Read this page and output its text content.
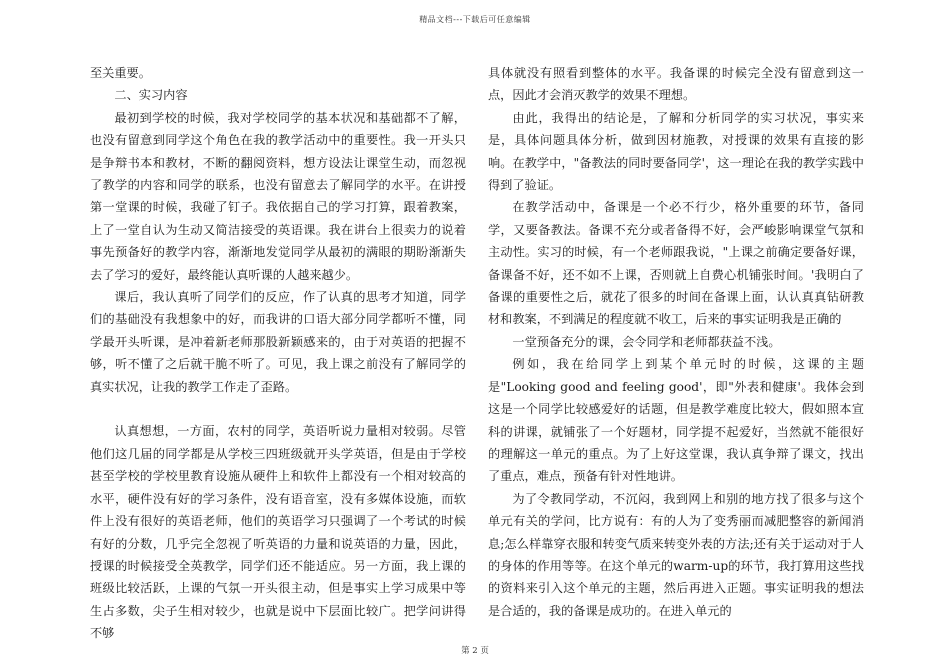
精品文档---下载后可任意编辑

至关重要。

二、实习内容

最初到学校的时候，我对学校同学的基本状况和基础都不了解，也没有留意到同学这个角色在我的教学活动中的重要性。我一开头只是争辩书本和教材，不断的翻阅资料，想方设法让课堂生动，而忽视了教学的内容和同学的联系，也没有留意去了解同学的水平。在讲授第一堂课的时候，我碰了钉子。我依据自己的学习打算，跟着教案，上了一堂自认为生动又简洁接受的英语课。我在讲台上很卖力的说着事先预备好的教学内容，渐渐地发觉同学从最初的满眼的期盼渐渐失去了学习的爱好，最终能认真听课的人越来越少。

课后，我认真听了同学们的反应，作了认真的思考才知道，同学们的基础没有我想象中的好，而我讲的口语大部分同学都听不懂，同学最开头听课，是冲着新老师那股新颖感来的，由于对英语的把握不够，听不懂了之后就干脆不听了。可见，我上课之前没有了解同学的真实状况，让我的教学工作走了歪路。

认真想想，一方面，农村的同学，英语听说力量相对较弱。尽管他们这几届的同学都是从学校三四班级就开头学英语，但是由于学校甚至学校的学校里教育设施从硬件上和软件上都没有一个相对较高的水平，硬件没有好的学习条件，没有语音室，没有多媒体设施，而软件上没有很好的英语老师，他们的英语学习只强调了一个考试的时候有好的分数，几乎完全忽视了听英语的力量和说英语的力量，因此，授课的时候接受全英教学，同学们还不能适应。另一方面，我上课的班级比较活跃，上课的气氛一开头很主动，但是事实上学习成果中等生占多数，尖子生相对较少，也就是说中下层面比较广。把学问讲得不够

具体就没有照看到整体的水平。我备课的时候完全没有留意到这一点，因此才会消灭教学的效果不理想。

由此，我得出的结论是，了解和分析同学的实习状况，事实来是，具体问题具体分析，做到因材施教，对授课的效果有直接的影响。在教学中，"备教法的同时要备同学'，这一理论在我的教学实践中得到了验证。

在教学活动中，备课是一个必不行少，格外重要的环节，备同学，又要备教法。备课不充分或者备得不好，会严峻影响课堂气氛和主动性。实习的时候，有一个老师跟我说，"上课之前确定要备好课，备课备不好，还不如不上课，否则就上自费心机铺张时间。'我明白了备课的重要性之后，就花了很多的时间在备课上面，认认真真钻研教材和教案，不到满足的程度就不收工，后来的事实证明我是正确的

一堂预备充分的课，会令同学和老师都获益不浅。

例如，我在给同学上到某个单元时的时候，这课的主题是"Looking good and feeling good'，即"外表和健康'。我体会到这是一个同学比较感爱好的话题，但是教学难度比较大，假如照本宣科的讲课，就铺张了一个好题材，同学提不起爱好，当然就不能很好的理解这一单元的重点。为了上好这堂课，我认真争辩了课文，找出了重点，难点，预备有针对性地讲。

为了令教同学动，不沉闷，我到网上和别的地方找了很多与这个单元有关的学问，比方说有：有的人为了变秀丽而减肥整容的新闻消息;怎么样靠穿衣服和转变气质来转变外表的方法;还有关于运动对于人的身体的作用等等。在这个单元的warm-up的环节，我打算用这些找的资料来引入这个单元的主题，然后再进入正题。事实证明我的想法是合适的，我的备课是成功的。在进入单元的

第 2 页
